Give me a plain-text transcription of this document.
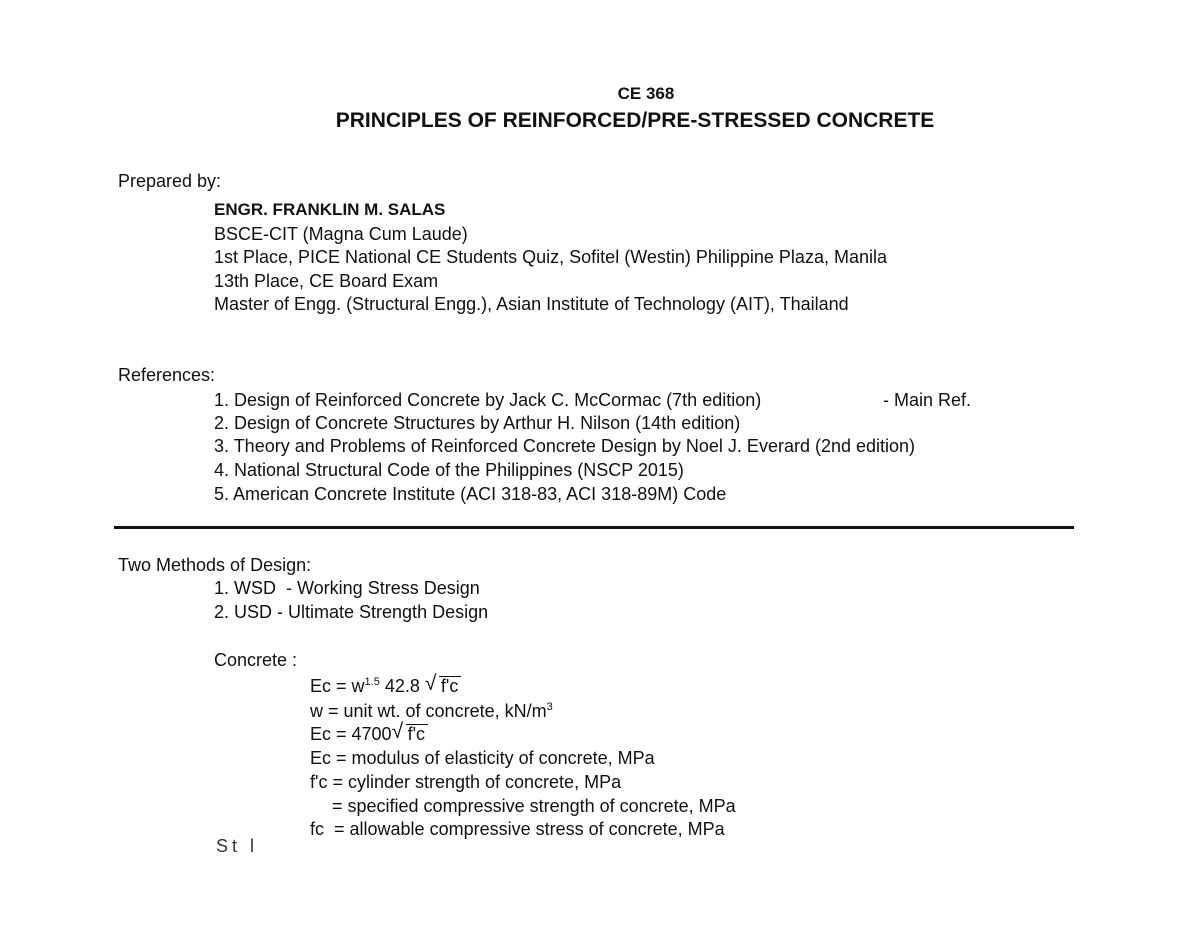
CE 368
PRINCIPLES OF REINFORCED/PRE-STRESSED CONCRETE
Prepared by:
ENGR. FRANKLIN M. SALAS
BSCE-CIT (Magna Cum Laude)
1st Place, PICE National CE Students Quiz, Sofitel (Westin) Philippine Plaza, Manila
13th Place, CE Board Exam
Master of Engg. (Structural Engg.), Asian Institute of Technology (AIT), Thailand
References:
1. Design of Reinforced Concrete by Jack C. McCormac (7th edition)	- Main Ref.
2. Design of Concrete Structures by Arthur H. Nilson (14th edition)
3. Theory and Problems of Reinforced Concrete Design by Noel J. Everard (2nd edition)
4. National Structural Code of the Philippines (NSCP 2015)
5. American Concrete Institute (ACI 318-83, ACI 318-89M) Code
Two Methods of Design:
1. WSD  - Working Stress Design
2. USD - Ultimate Strength Design
Concrete :
$Ec = w^{1.5}$ 42.8 √ f'c
w = unit wt. of concrete, $kN/m^3$
Ec = 4700 √ f'c
Ec = modulus of elasticity of concrete, MPa
f'c = cylinder strength of concrete, MPa
= specified compressive strength of concrete, MPa
fc  = allowable compressive stress of concrete, MPa
St l
